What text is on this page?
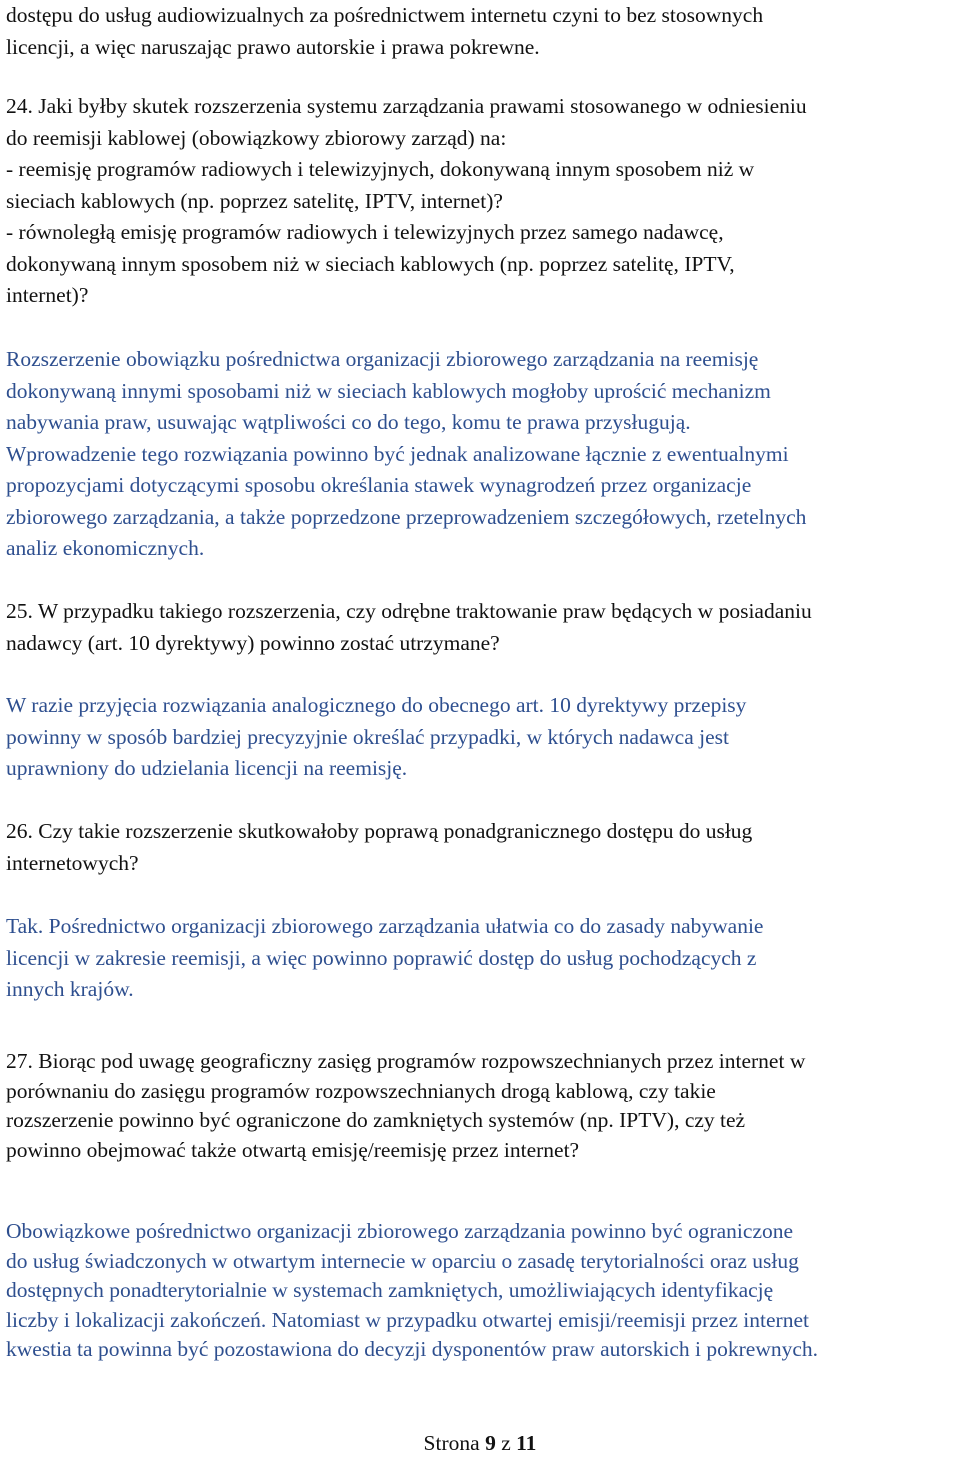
dostępu do usług audiowizualnych za pośrednictwem internetu czyni to bez stosownych

licencji, a więc naruszając prawo autorskie i prawa pokrewne.

24. Jaki byłby skutek rozszerzenia systemu zarządzania prawami stosowanego w odniesieniu

do reemisji kablowej (obowiązkowy zbiorowy zarząd) na:

- reemisję programów radiowych i telewizyjnych, dokonywaną innym sposobem niż w

sieciach kablowych (np. poprzez satelitę, IPTV, internet)?

- równoległą emisję programów radiowych i telewizyjnych przez samego nadawcę,

dokonywaną innym sposobem niż w sieciach kablowych (np. poprzez satelitę, IPTV,

internet)?

Rozszerzenie obowiązku pośrednictwa organizacji zbiorowego zarządzania na reemisję

dokonywaną innymi sposobami niż w sieciach kablowych mogłoby uprościć mechanizm

nabywania praw, usuwając wątpliwości co do tego, komu te prawa przysługują.

Wprowadzenie tego rozwiązania powinno być jednak analizowane łącznie z ewentualnymi

propozycjami dotyczącymi sposobu określania stawek wynagrodzeń przez organizacje

zbiorowego zarządzania, a także poprzedzone przeprowadzeniem szczegółowych, rzetelnych

analiz ekonomicznych.

25. W przypadku takiego rozszerzenia, czy odrębne traktowanie praw będących w posiadaniu

nadawcy (art. 10 dyrektywy) powinno zostać utrzymane?

W razie przyjęcia rozwiązania analogicznego do obecnego art. 10 dyrektywy przepisy

powinny w sposób bardziej precyzyjnie określać przypadki, w których nadawca jest

uprawniony do udzielania licencji na reemisję.

26. Czy takie rozszerzenie skutkowałoby poprawą ponadgranicznego dostępu do usług

internetowych?

Tak. Pośrednictwo organizacji zbiorowego zarządzania ułatwia co do zasady nabywanie

licencji w zakresie reemisji, a więc powinno poprawić dostęp do usług pochodzących z

innych krajów.

27. Biorąc pod uwagę geograficzny zasięg programów rozpowszechnianych przez internet w

porównaniu do zasięgu programów rozpowszechnianych drogą kablową, czy takie

rozszerzenie powinno być ograniczone do zamkniętych systemów (np. IPTV), czy też

powinno obejmować także otwartą emisję/reemisję przez internet?

Obowiązkowe pośrednictwo organizacji zbiorowego zarządzania powinno być ograniczone

do usług świadczonych w otwartym internecie w oparciu o zasadę terytorialności oraz usług

dostępnych ponadterytorialnie w systemach zamkniętych, umożliwiających identyfikację

liczby i lokalizacji zakończeń. Natomiast w przypadku otwartej emisji/reemisji przez internet

kwestia ta powinna być pozostawiona do decyzji dysponentów praw autorskich i pokrewnych.

Strona 9 z 11
